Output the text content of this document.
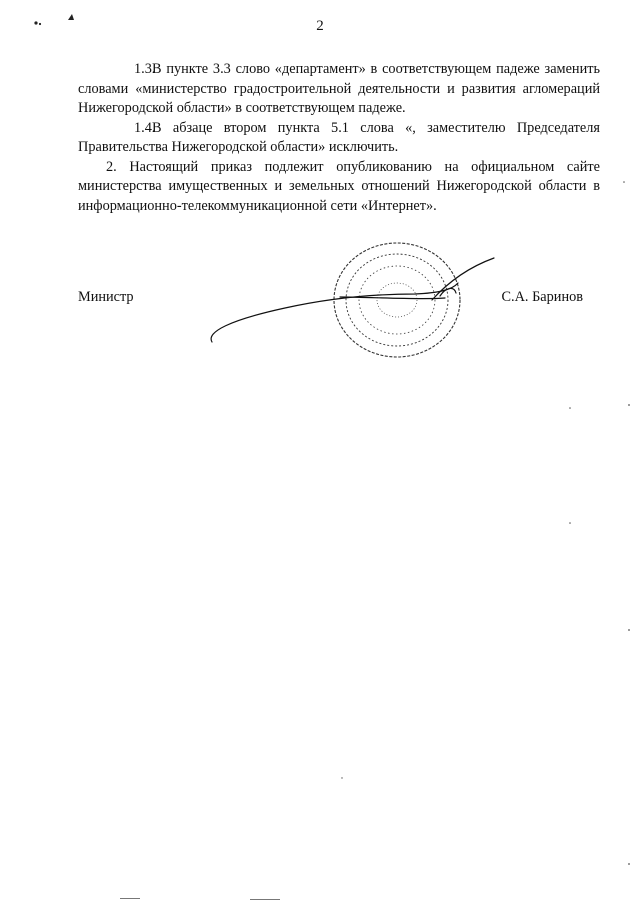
2

1.3.В пункте 3.3 слово «департамент» в соответствующем падеже заменить словами «министерство градостроительной деятельности и развития агломераций Нижегородской области» в соответствующем падеже.

1.4.В абзаце втором пункта 5.1 слова «, заместителю Председателя Правительства Нижегородской области» исключить.

2. Настоящий приказ подлежит опубликованию на официальном сайте министерства имущественных и земельных отношений Нижегородской области в информационно-телекоммуникационной сети «Интернет».

Министр	С.А. Баринов
